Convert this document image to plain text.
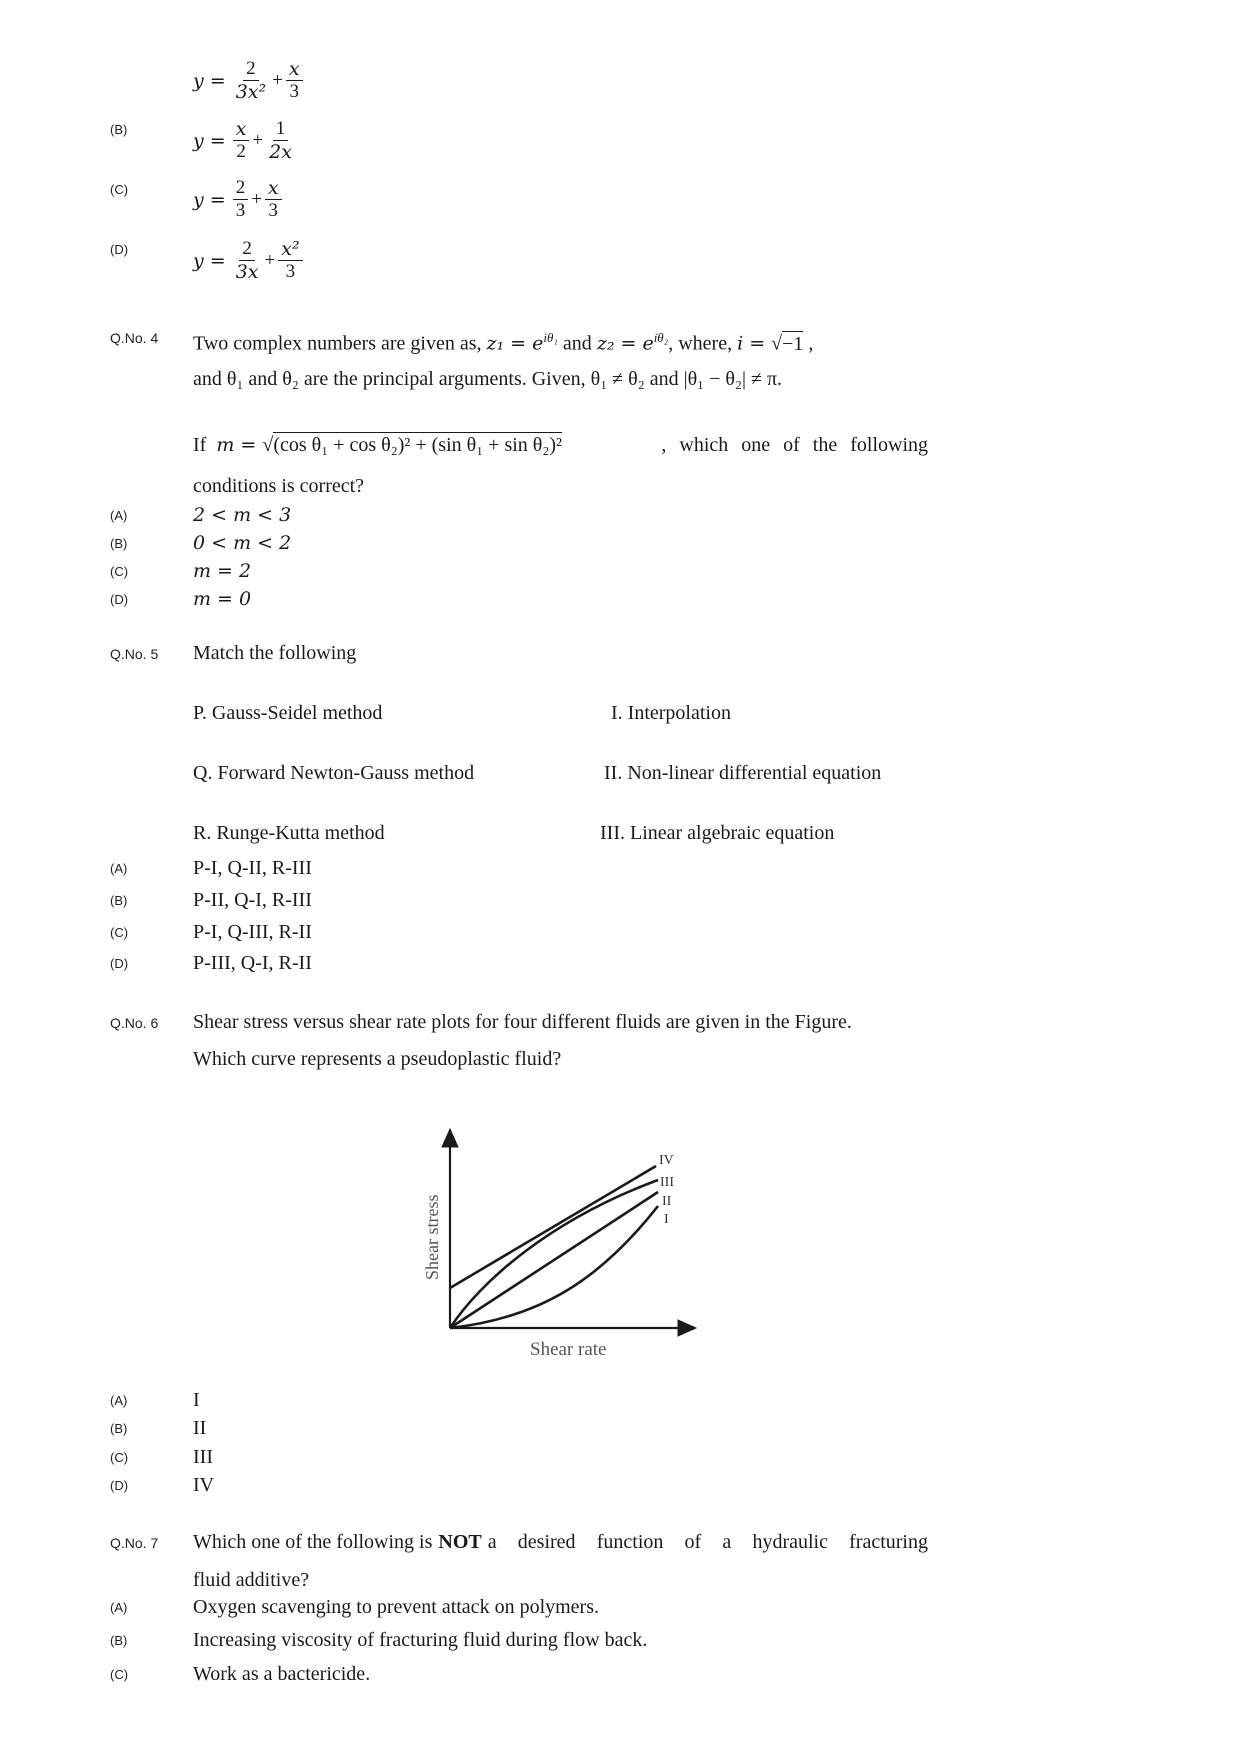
$y = \frac{2}{\text{3x²}} + \frac{x}{3}$
(B)	$y = \frac{x}{2} + \frac{1}{2x}$
(C)	$y = \frac{2}{3} + \frac{x}{3}$
(D)	$y = \frac{2}{3x} + \frac{\text{x²}}{3}$
Q.No. 4 Two complex numbers are given as, $z_1 = e^{i\theta_1}$ and $z_2 = e^{i\theta_2}$, where, i = √−1 ,
and θ₁ and θ₂ are the principal arguments. Given, θ₁ ≠ θ₂ and |θ₁ − θ₂| ≠ π.
If m = √(cos θ₁ + cos θ₂)² + (sin θ₁ + sin θ₂)²	, which one of the following
conditions is correct?
(A)	2 < m < 3
(B)	0 < m < 2
(C)	m = 2
(D)	m = 0
Q.No. 5 Match the following
P. Gauss-Seidel method	I. Interpolation
Q. Forward Newton-Gauss method	II. Non-linear differential equation
R. Runge-Kutta method	III. Linear algebraic equation
(A)	P-I, Q-II, R-III
(B)	P-II, Q-I, R-III
(C)	P-I, Q-III, R-II
(D)	P-III, Q-I, R-II
Q.No. 6 Shear stress versus shear rate plots for four different fluids are given in the Figure.
Which curve represents a pseudoplastic fluid?
IV
III
II
I
Shear rate
Shear stress
(A)	I
(B)	II
(C)	III
(D)	IV
Q.No. 7 Which one of the following is NOT a desired function of a hydraulic fracturing
fluid additive?
(A)	Oxygen scavenging to prevent attack on polymers.
(B)	Increasing viscosity of fracturing fluid during flow back.
(C)	Work as a bactericide.
